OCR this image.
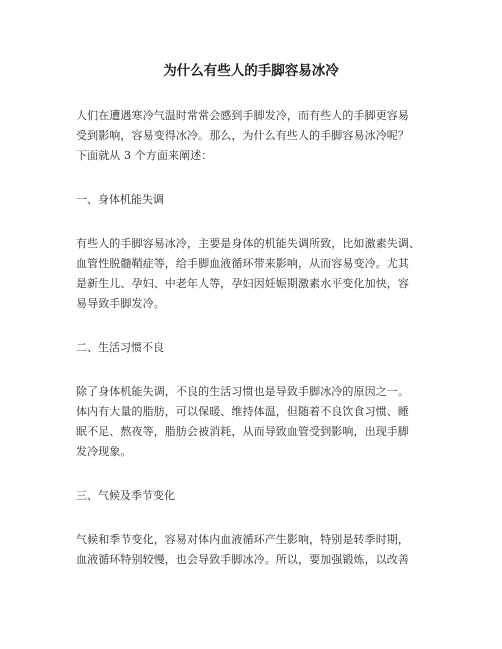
为什么有些人的手脚容易冰冷
人们在遭遇寒冷气温时常常会感到手脚发冷，而有些人的手脚更容易
受到影响，容易变得冰冷。那么，为什么有些人的手脚容易冰冷呢？
下面就从 3 个方面来阐述：
一、身体机能失调
有些人的手脚容易冰冷，主要是身体的机能失调所致，比如激素失调、
血管性脱髓鞘症等，给手脚血液循环带来影响，从而容易变冷。尤其
是新生儿、孕妇、中老年人等，孕妇因妊娠期激素水平变化加快，容
易导致手脚发冷。
二、生活习惯不良
除了身体机能失调，不良的生活习惯也是导致手脚冰冷的原因之一。
体内有大量的脂肪，可以保暖、维持体温，但随着不良饮食习惯、睡
眠不足、熬夜等，脂肪会被消耗，从而导致血管受到影响，出现手脚
发冷现象。
三、气候及季节变化
气候和季节变化，容易对体内血液循环产生影响，特别是转季时期，
血液循环特别较慢，也会导致手脚冰冷。所以，要加强锻炼，以改善
